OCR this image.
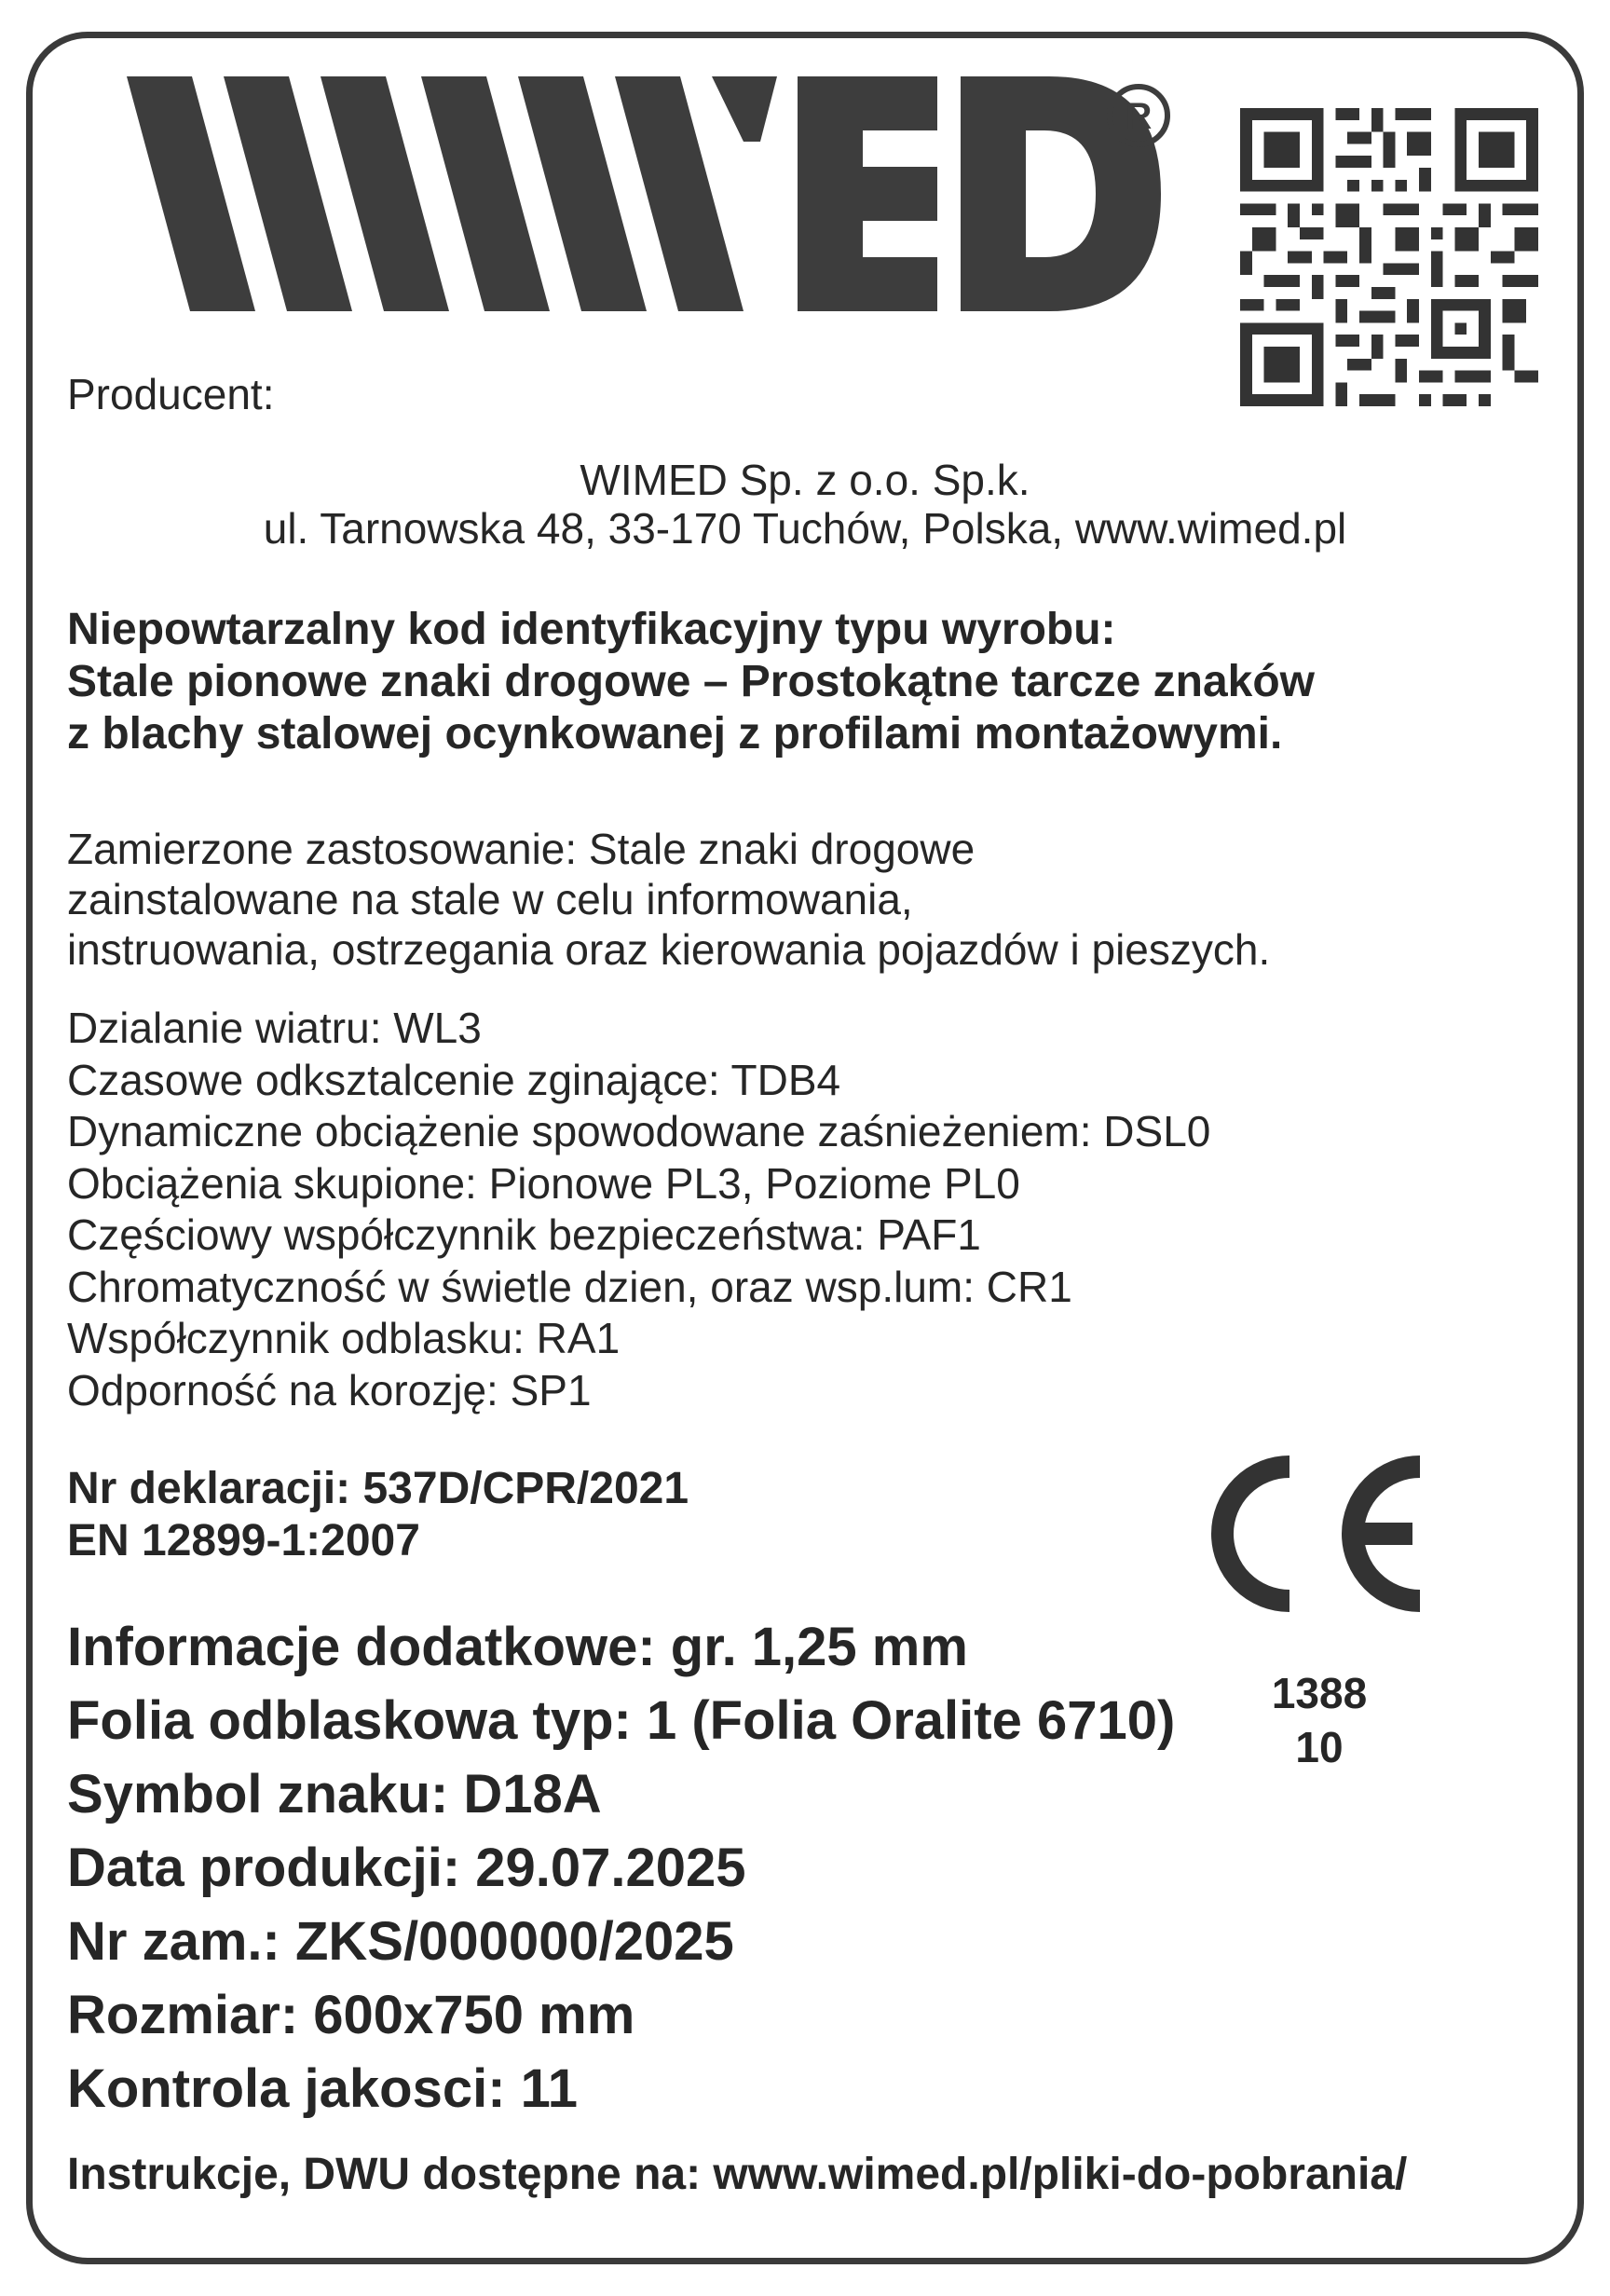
R

Producent:

WIMED Sp. z o.o. Sp.k.

ul. Tarnowska 48, 33-170 Tuchów, Polska, www.wimed.pl

Niepowtarzalny kod identyfikacyjny typu wyrobu:
Stale pionowe znaki drogowe – Prostokątne tarcze znaków
z blachy stalowej ocynkowanej z profilami montażowymi.
Zamierzone zastosowanie: Stale znaki drogowe
zainstalowane na stale w celu informowania,
instruowania, ostrzegania oraz kierowania pojazdów i pieszych.
Dzialanie wiatru: WL3
Czasowe odksztalcenie zginające: TDB4
Dynamiczne obciążenie spowodowane zaśnieżeniem: DSL0
Obciążenia skupione: Pionowe PL3, Poziome PL0
Częściowy współczynnik bezpieczeństwa: PAF1
Chromatyczność w świetle dzien, oraz wsp.lum: CR1
Współczynnik odblasku: RA1
Odporność na korozję: SP1
Nr deklaracji: 537D/CPR/2021
EN 12899-1:2007
1388
10
Informacje dodatkowe: gr. 1,25 mm
Folia odblaskowa typ: 1 (Folia Oralite 6710)
Symbol znaku: D18A
Data produkcji: 29.07.2025
Nr zam.: ZKS/000000/2025
Rozmiar: 600x750 mm
Kontrola jakosci: 11

Instrukcje, DWU dostępne na: www.wimed.pl/pliki-do-pobrania/
